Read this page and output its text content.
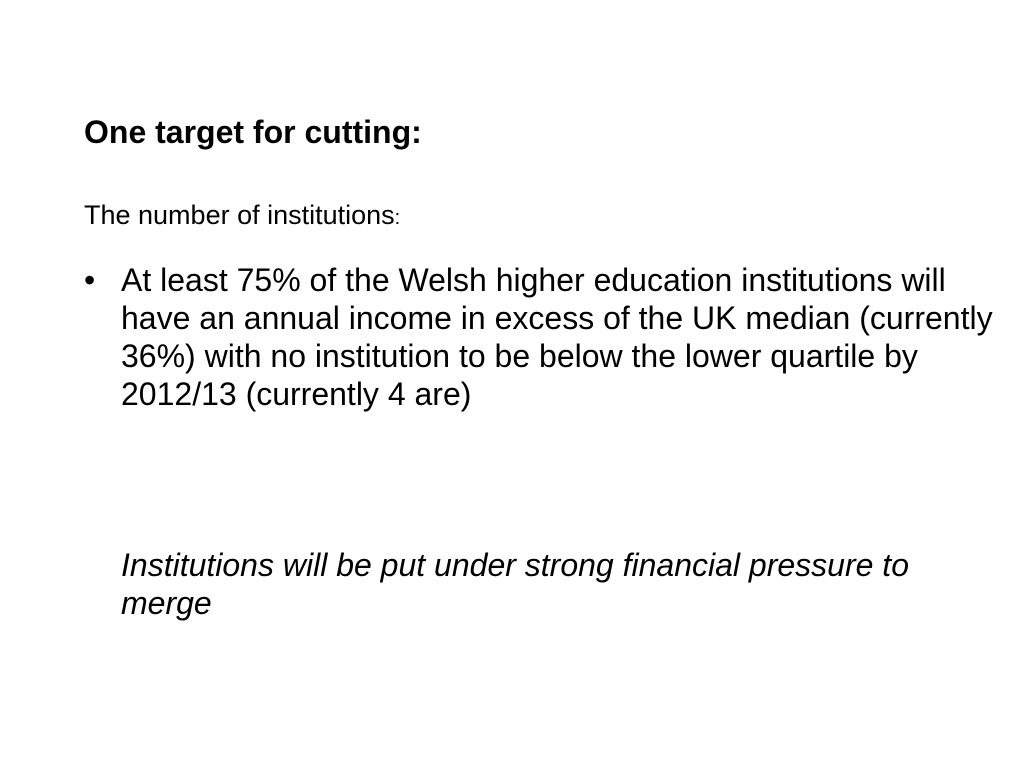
One target for cutting:
The number of institutions:
• At least 75% of the Welsh higher education institutions will have an annual income in excess of the UK median (currently 36%) with no institution to be below the lower quartile by 2012/13 (currently 4 are)
Institutions will be put under strong financial pressure to merge
